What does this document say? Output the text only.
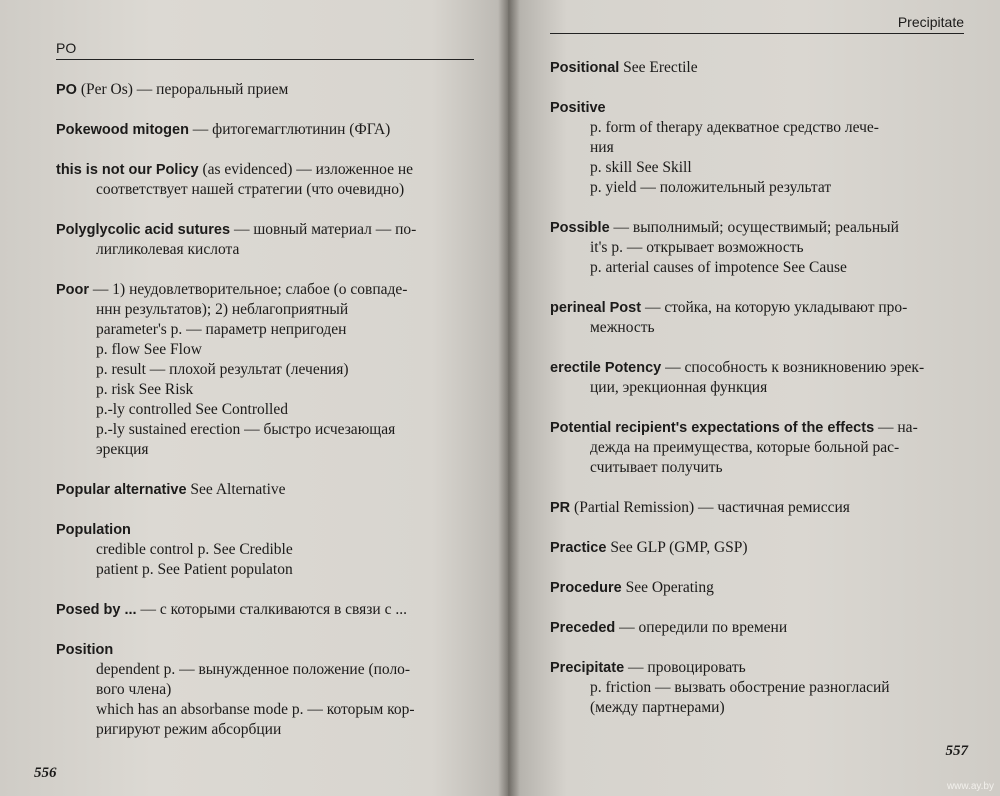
PO
PO (Per Os) — пероральный прием
Pokewood mitogen — фитогемагглютинин (ФГА)
this is not our Policy (as evidenced) — изложенное не
соответствует нашей стратегии (что очевидно)
Polyglycolic acid sutures — шовный материал — по-
лигликолевая кислота
Poor — 1) неудовлетворительное; слабое (о совпаде-
ннн результатов); 2) неблагоприятный
parameter's p. — параметр непригоден
p. flow See Flow
p. result — плохой результат (лечения)
p. risk See Risk
p.-ly controlled See Controlled
p.-ly sustained erection — быстро исчезающая
эрекция
Popular alternative See Alternative
Population
credible control p. See Credible
patient p. See Patient populaton
Posed by ... — с которыми сталкиваются в связи с ...
Position
dependent p. — вынужденное положение (поло-
вого члена)
which has an absorbanse mode p. — которым кор-
ригируют режим абсорбции
556
Precipitate
Positional See Erectile
Positive
p. form of therapy адекватное средство лече-
ния
p. skill See Skill
p. yield — положительный результат
Possible — выполнимый; осуществимый; реальный
it's p. — открывает возможность
p. arterial causes of impotence See Cause
perineal Post — стойка, на которую укладывают про-
межность
erectile Potency — способность к возникновению эрек-
ции, эрекционная функция
Potential recipient's expectations of the effects — на-
дежда на преимущества, которые больной рас-
считывает получить
PR (Partial Remission) — частичная ремиссия
Practice See GLP (GMP, GSP)
Procedure See Operating
Preceded — опередили по времени
Precipitate — провоцировать
p. friction — вызвать обострение разногласий
(между партнерами)
557
www.ay.by
